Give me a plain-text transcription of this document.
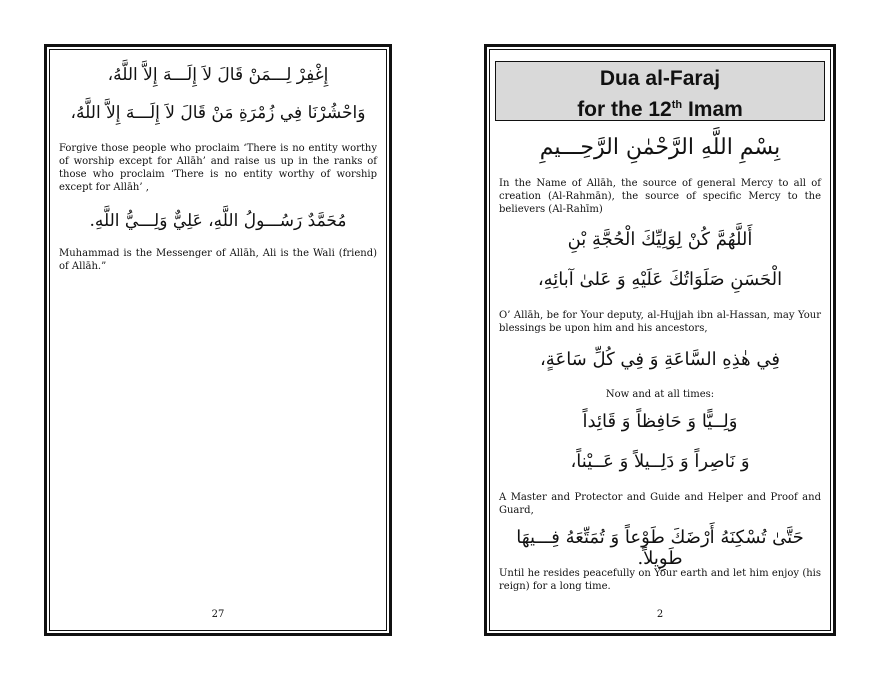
إِغْفِرْ لِـــمَنْ قَالَ لاَ إِلَـــهَ إِلاَّ اللَّهُ،
وَاحْشُرْنَا فِي زُمْرَةِ مَنْ قَالَ لاَ إِلَـــهَ إِلاَّ اللَّهُ،
Forgive those people who proclaim ‘There is no entity worthy of worship except for Allāh’ and raise us up in the ranks of those who proclaim ‘There is no entity worthy of worship except for Allāh’ ,
مُحَمَّدٌ رَسُـــولُ اللَّهِ، عَلِيٌّ وَلِـــيُّ اللَّهِ.
Muhammad is the Messenger of Allāh, Ali is the Wali (friend) of Allāh.”
27
Dua al-Faraj
for the 12th Imam
بِسْمِ اللَّهِ الرَّحْمٰنِ الرَّحِـــيمِ
In the Name of Allāh, the source of general Mercy to all of creation (Al-Rahmān), the source of specific Mercy to the believers (Al-Rahīm)
أَللَّهُمَّ كُنْ لِوَلِيِّكَ الْحُجَّةِ بْنِ
الْحَسَنِ صَلَوَاتُكَ عَلَيْهِ وَ عَلىٰ آبائِهِ،
O’ Allāh, be for Your deputy, al-Hujjah ibn al-Hassan, may Your blessings be upon him and his ancestors,
فِي هٰذِهِ السَّاعَةِ وَ فِي كُلِّ سَاعَةٍ،
Now and at all times:
وَلِــيًّا وَ حَافِظاً وَ قَائِداً
وَ نَاصِراً وَ دَلِــيلاً وَ عَــيْناً،
A Master and Protector and Guide and Helper and Proof and Guard,
حَتَّىٰ تُسْكِنَهُ أَرْضَكَ طَوْعاً وَ تُمَتِّعَهُ فِـــيهَا طَوِيلاً.
Until he resides peacefully on Your earth and let him enjoy (his reign) for a long time.
2
